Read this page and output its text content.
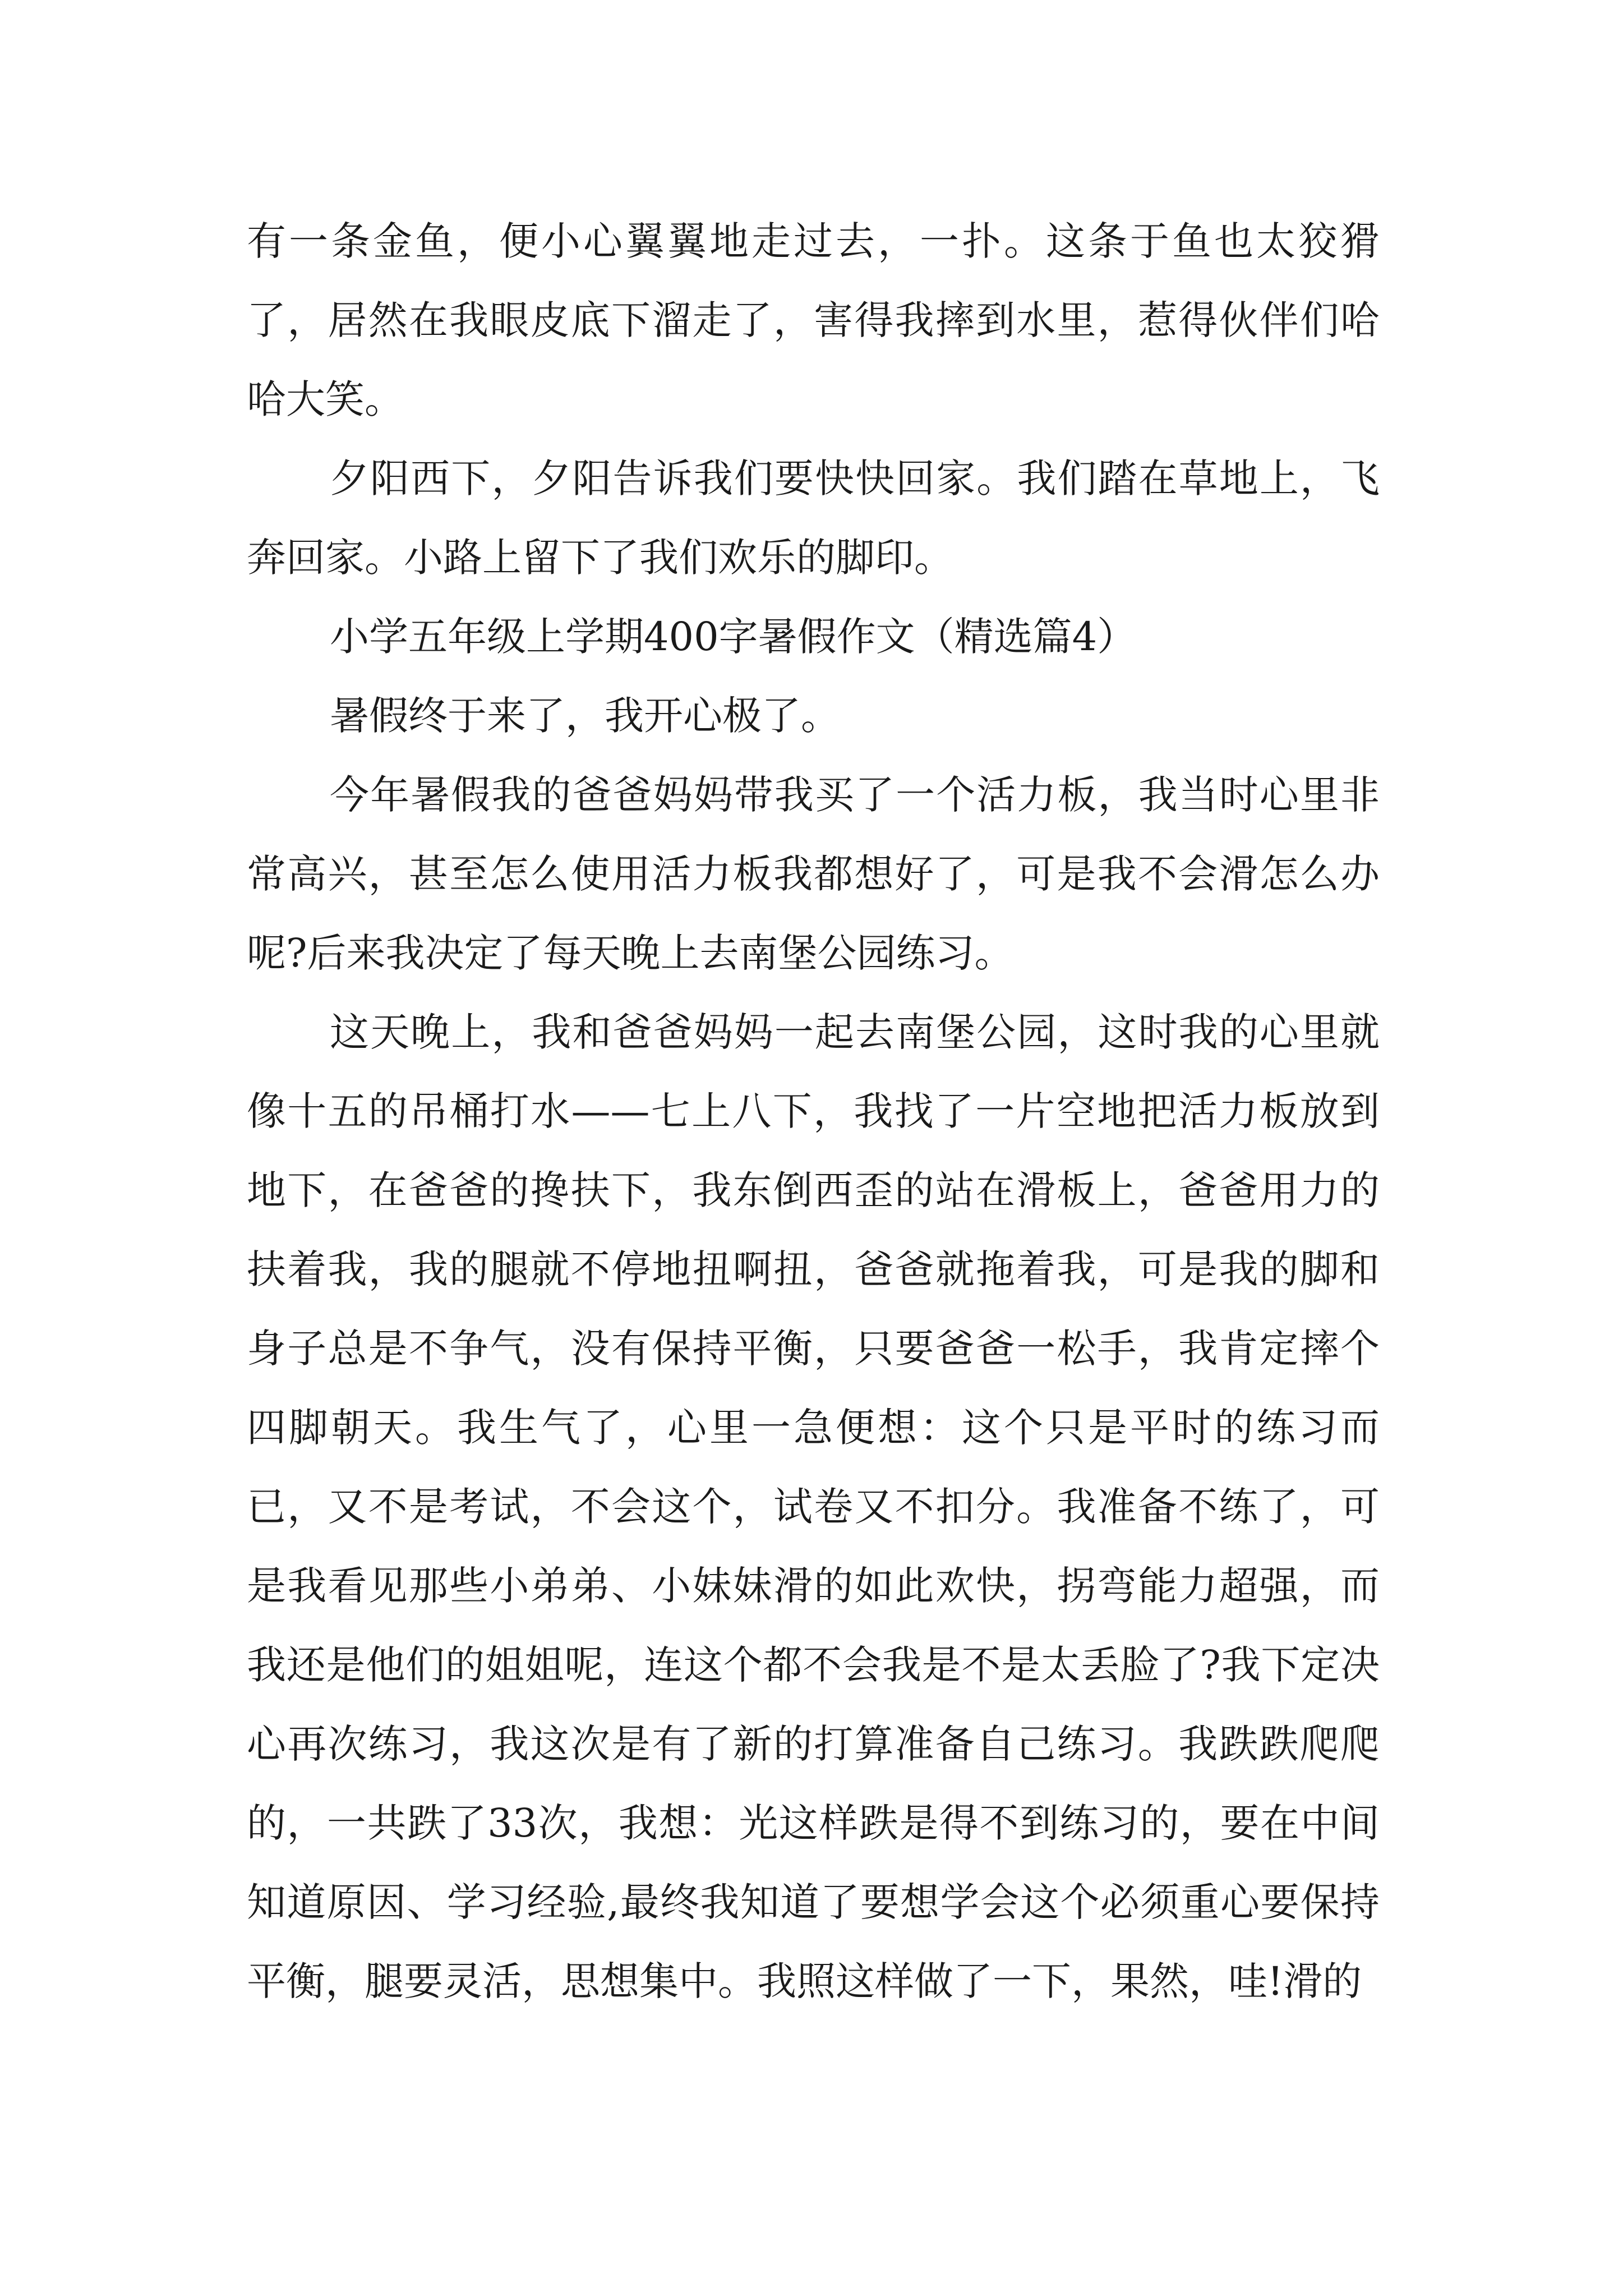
有一条金鱼，便小心翼翼地走过去，一扑。这条于鱼也太狡猾了，居然在我眼皮底下溜走了，害得我摔到水里，惹得伙伴们哈哈大笑。

夕阳西下，夕阳告诉我们要快快回家。我们踏在草地上，飞奔回家。小路上留下了我们欢乐的脚印。

小学五年级上学期400字暑假作文（精选篇4）

暑假终于来了，我开心极了。

今年暑假我的爸爸妈妈带我买了一个活力板，我当时心里非常高兴，甚至怎么使用活力板我都想好了，可是我不会滑怎么办呢?后来我决定了每天晚上去南堡公园练习。

这天晚上，我和爸爸妈妈一起去南堡公园，这时我的心里就像十五的吊桶打水——七上八下，我找了一片空地把活力板放到地下，在爸爸的搀扶下，我东倒西歪的站在滑板上，爸爸用力的扶着我，我的腿就不停地扭啊扭，爸爸就拖着我，可是我的脚和身子总是不争气，没有保持平衡，只要爸爸一松手，我肯定摔个四脚朝天。我生气了，心里一急便想：这个只是平时的练习而已，又不是考试，不会这个，试卷又不扣分。我准备不练了，可是我看见那些小弟弟、小妹妹滑的如此欢快，拐弯能力超强，而我还是他们的姐姐呢，连这个都不会我是不是太丢脸了?我下定决心再次练习，我这次是有了新的打算准备自己练习。我跌跌爬爬的，一共跌了33次，我想：光这样跌是得不到练习的，要在中间知道原因、学习经验,最终我知道了要想学会这个必须重心要保持平衡，腿要灵活，思想集中。我照这样做了一下，果然，哇!滑的
